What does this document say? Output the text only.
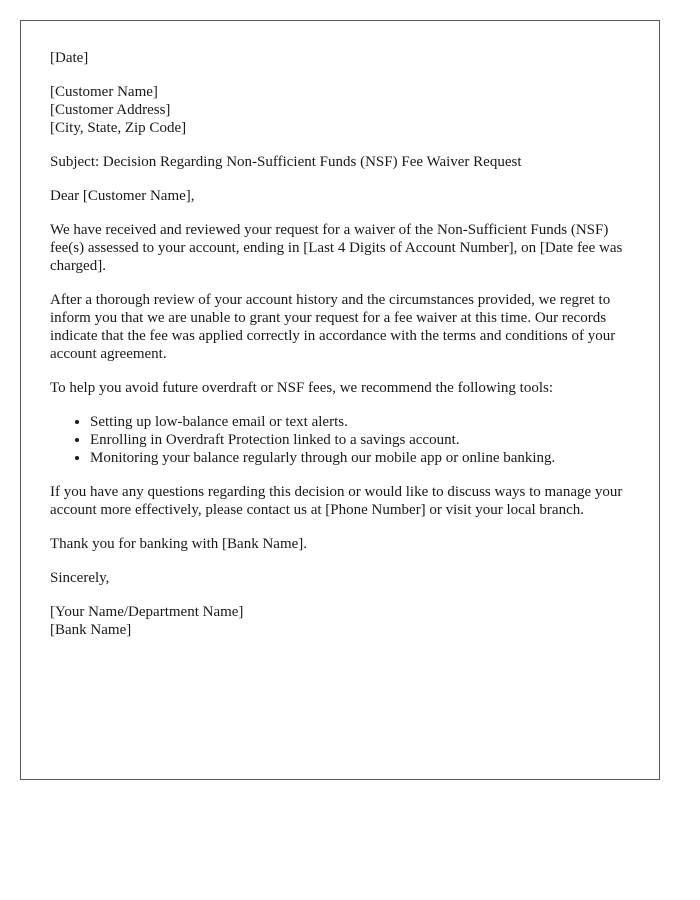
[Date]

[Customer Name]
[Customer Address]
[City, State, Zip Code]

Subject: Decision Regarding Non-Sufficient Funds (NSF) Fee Waiver Request

Dear [Customer Name],

We have received and reviewed your request for a waiver of the Non-Sufficient Funds (NSF) fee(s) assessed to your account, ending in [Last 4 Digits of Account Number], on [Date fee was charged].

After a thorough review of your account history and the circumstances provided, we regret to inform you that we are unable to grant your request for a fee waiver at this time. Our records indicate that the fee was applied correctly in accordance with the terms and conditions of your account agreement.

To help you avoid future overdraft or NSF fees, we recommend the following tools:

• Setting up low-balance email or text alerts.
• Enrolling in Overdraft Protection linked to a savings account.
• Monitoring your balance regularly through our mobile app or online banking.

If you have any questions regarding this decision or would like to discuss ways to manage your account more effectively, please contact us at [Phone Number] or visit your local branch.

Thank you for banking with [Bank Name].

Sincerely,

[Your Name/Department Name]
[Bank Name]
